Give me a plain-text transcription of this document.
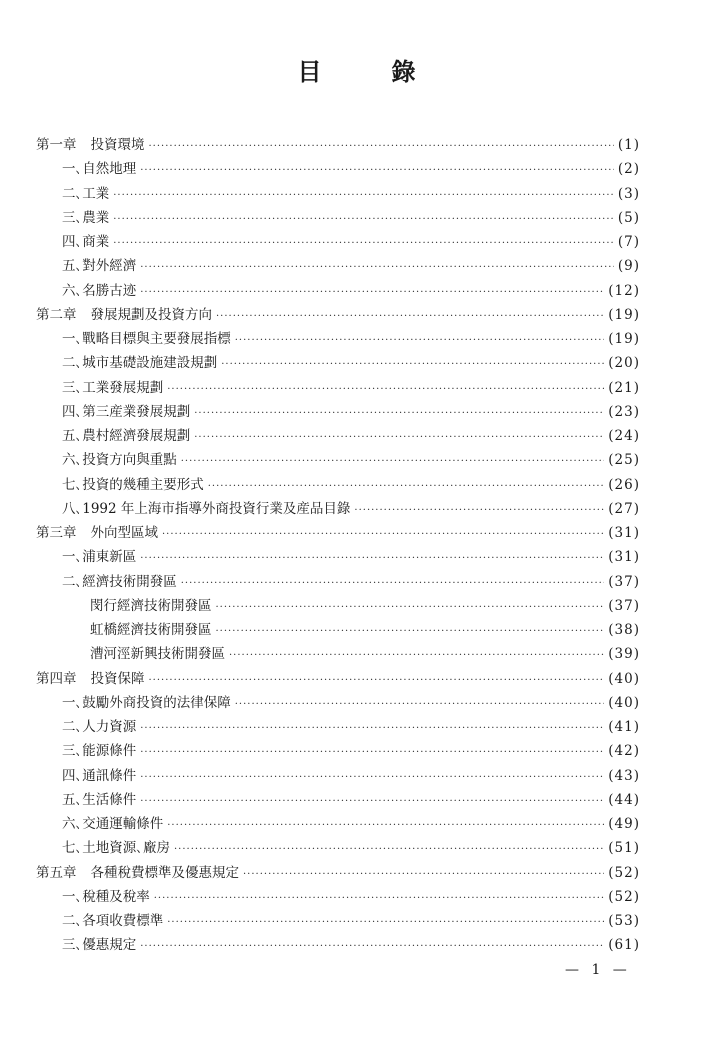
目	錄
第一章 投資環境 ·····	(1)
一､自然地理 ·····	(2)
二､工業 ·····	(3)
三､農業 ·····	(5)
四､商業 ·····	(7)
五､對外經濟 ·····	(9)
六､名勝古迹 ·····	(12)
第二章 發展規劃及投資方向 ·····	(19)
一､戰略目標與主要發展指標 ·····	(19)
二､城市基礎設施建設規劃 ·····	(20)
三､工業發展規劃 ·····	(21)
四､第三産業發展規劃 ·····	(23)
五､農村經濟發展規劃 ·····	(24)
六､投資方向與重點 ·····	(25)
七､投資的幾種主要形式 ·····	(26)
八､1992 年上海市指導外商投資行業及産品目錄 ·····	(27)
第三章 外向型區域 ·····	(31)
一､浦東新區 ·····	(31)
二､經濟技術開發區 ·····	(37)
閔行經濟技術開發區 ·····	(37)
虹橋經濟技術開發區 ·····	(38)
漕河涇新興技術開發區 ·····	(39)
第四章 投資保障 ·····	(40)
一､鼓勵外商投資的法律保障 ·····	(40)
二､人力資源 ·····	(41)
三､能源條件 ·····	(42)
四､通訊條件 ·····	(43)
五､生活條件 ·····	(44)
六､交通運輸條件 ·····	(49)
七､土地資源､廠房 ·····	(51)
第五章 各種稅費標準及優惠規定 ·····	(52)
一､稅種及稅率 ·····	(52)
二､各項收費標準 ·····	(53)
三､優惠規定 ·····	(61)
— 1 —
